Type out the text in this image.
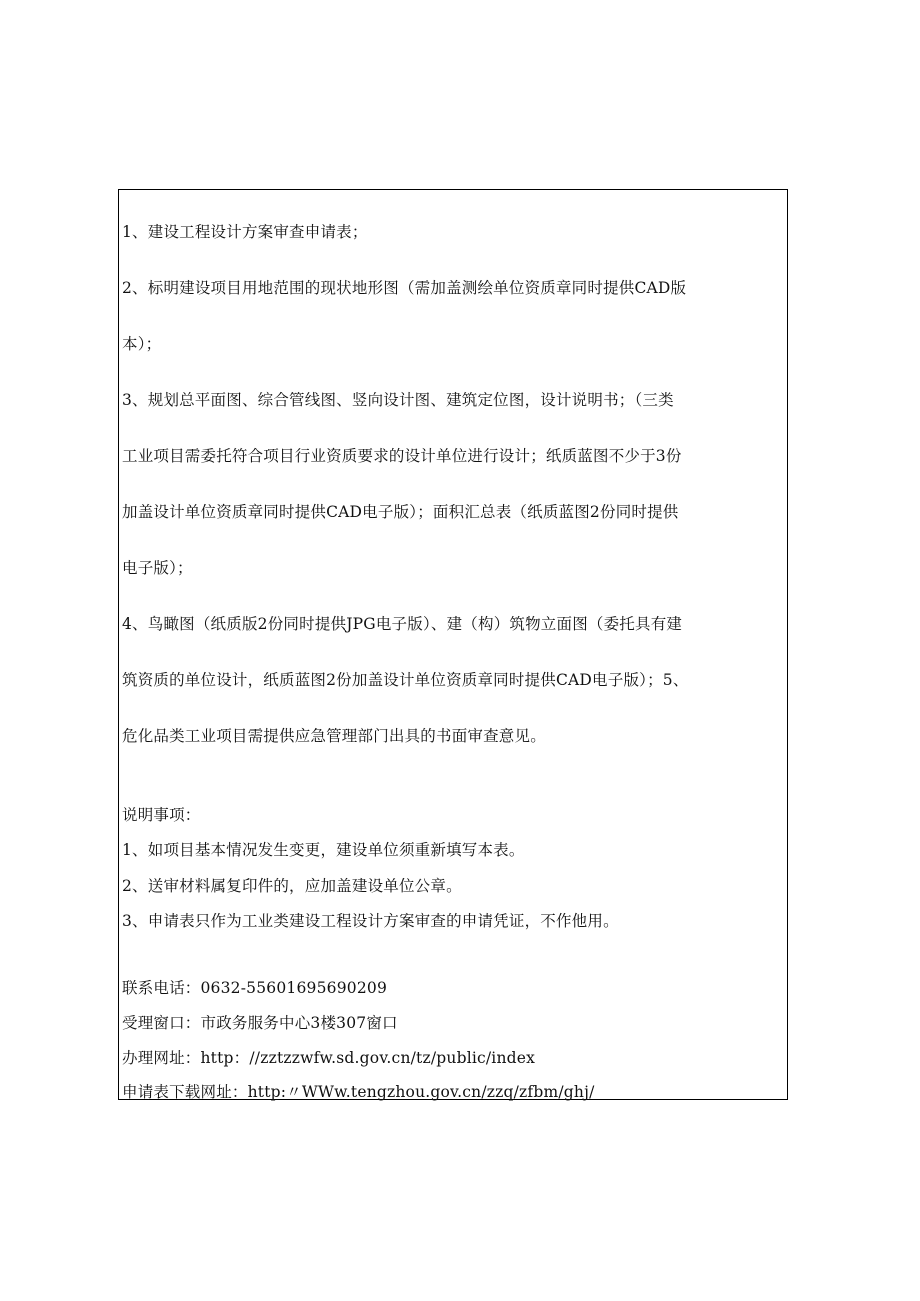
1、建设工程设计方案审查申请表；
2、标明建设项目用地范围的现状地形图（需加盖测绘单位资质章同时提供CAD版
本）；
3、规划总平面图、综合管线图、竖向设计图、建筑定位图，设计说明书；（三类
工业项目需委托符合项目行业资质要求的设计单位进行设计；纸质蓝图不少于3份
加盖设计单位资质章同时提供CAD电子版）；面积汇总表（纸质蓝图2份同时提供
电子版）；
4、鸟瞰图（纸质版2份同时提供JPG电子版）、建（构）筑物立面图（委托具有建
筑资质的单位设计，纸质蓝图2份加盖设计单位资质章同时提供CAD电子版）；5、
危化品类工业项目需提供应急管理部门出具的书面审查意见。
说明事项：
1、如项目基本情况发生变更，建设单位须重新填写本表。
2、送审材料属复印件的，应加盖建设单位公章。
3、申请表只作为工业类建设工程设计方案审查的申请凭证，不作他用。
联系电话：0632-55601695690209
受理窗口：市政务服务中心3楼307窗口
办理网址：http：//zztzzwfw.sd.gov.cn/tz/public/index
申请表下载网址：http:〃WWw.tengzhou.gov.cn/zzq/zfbm/ghj/
